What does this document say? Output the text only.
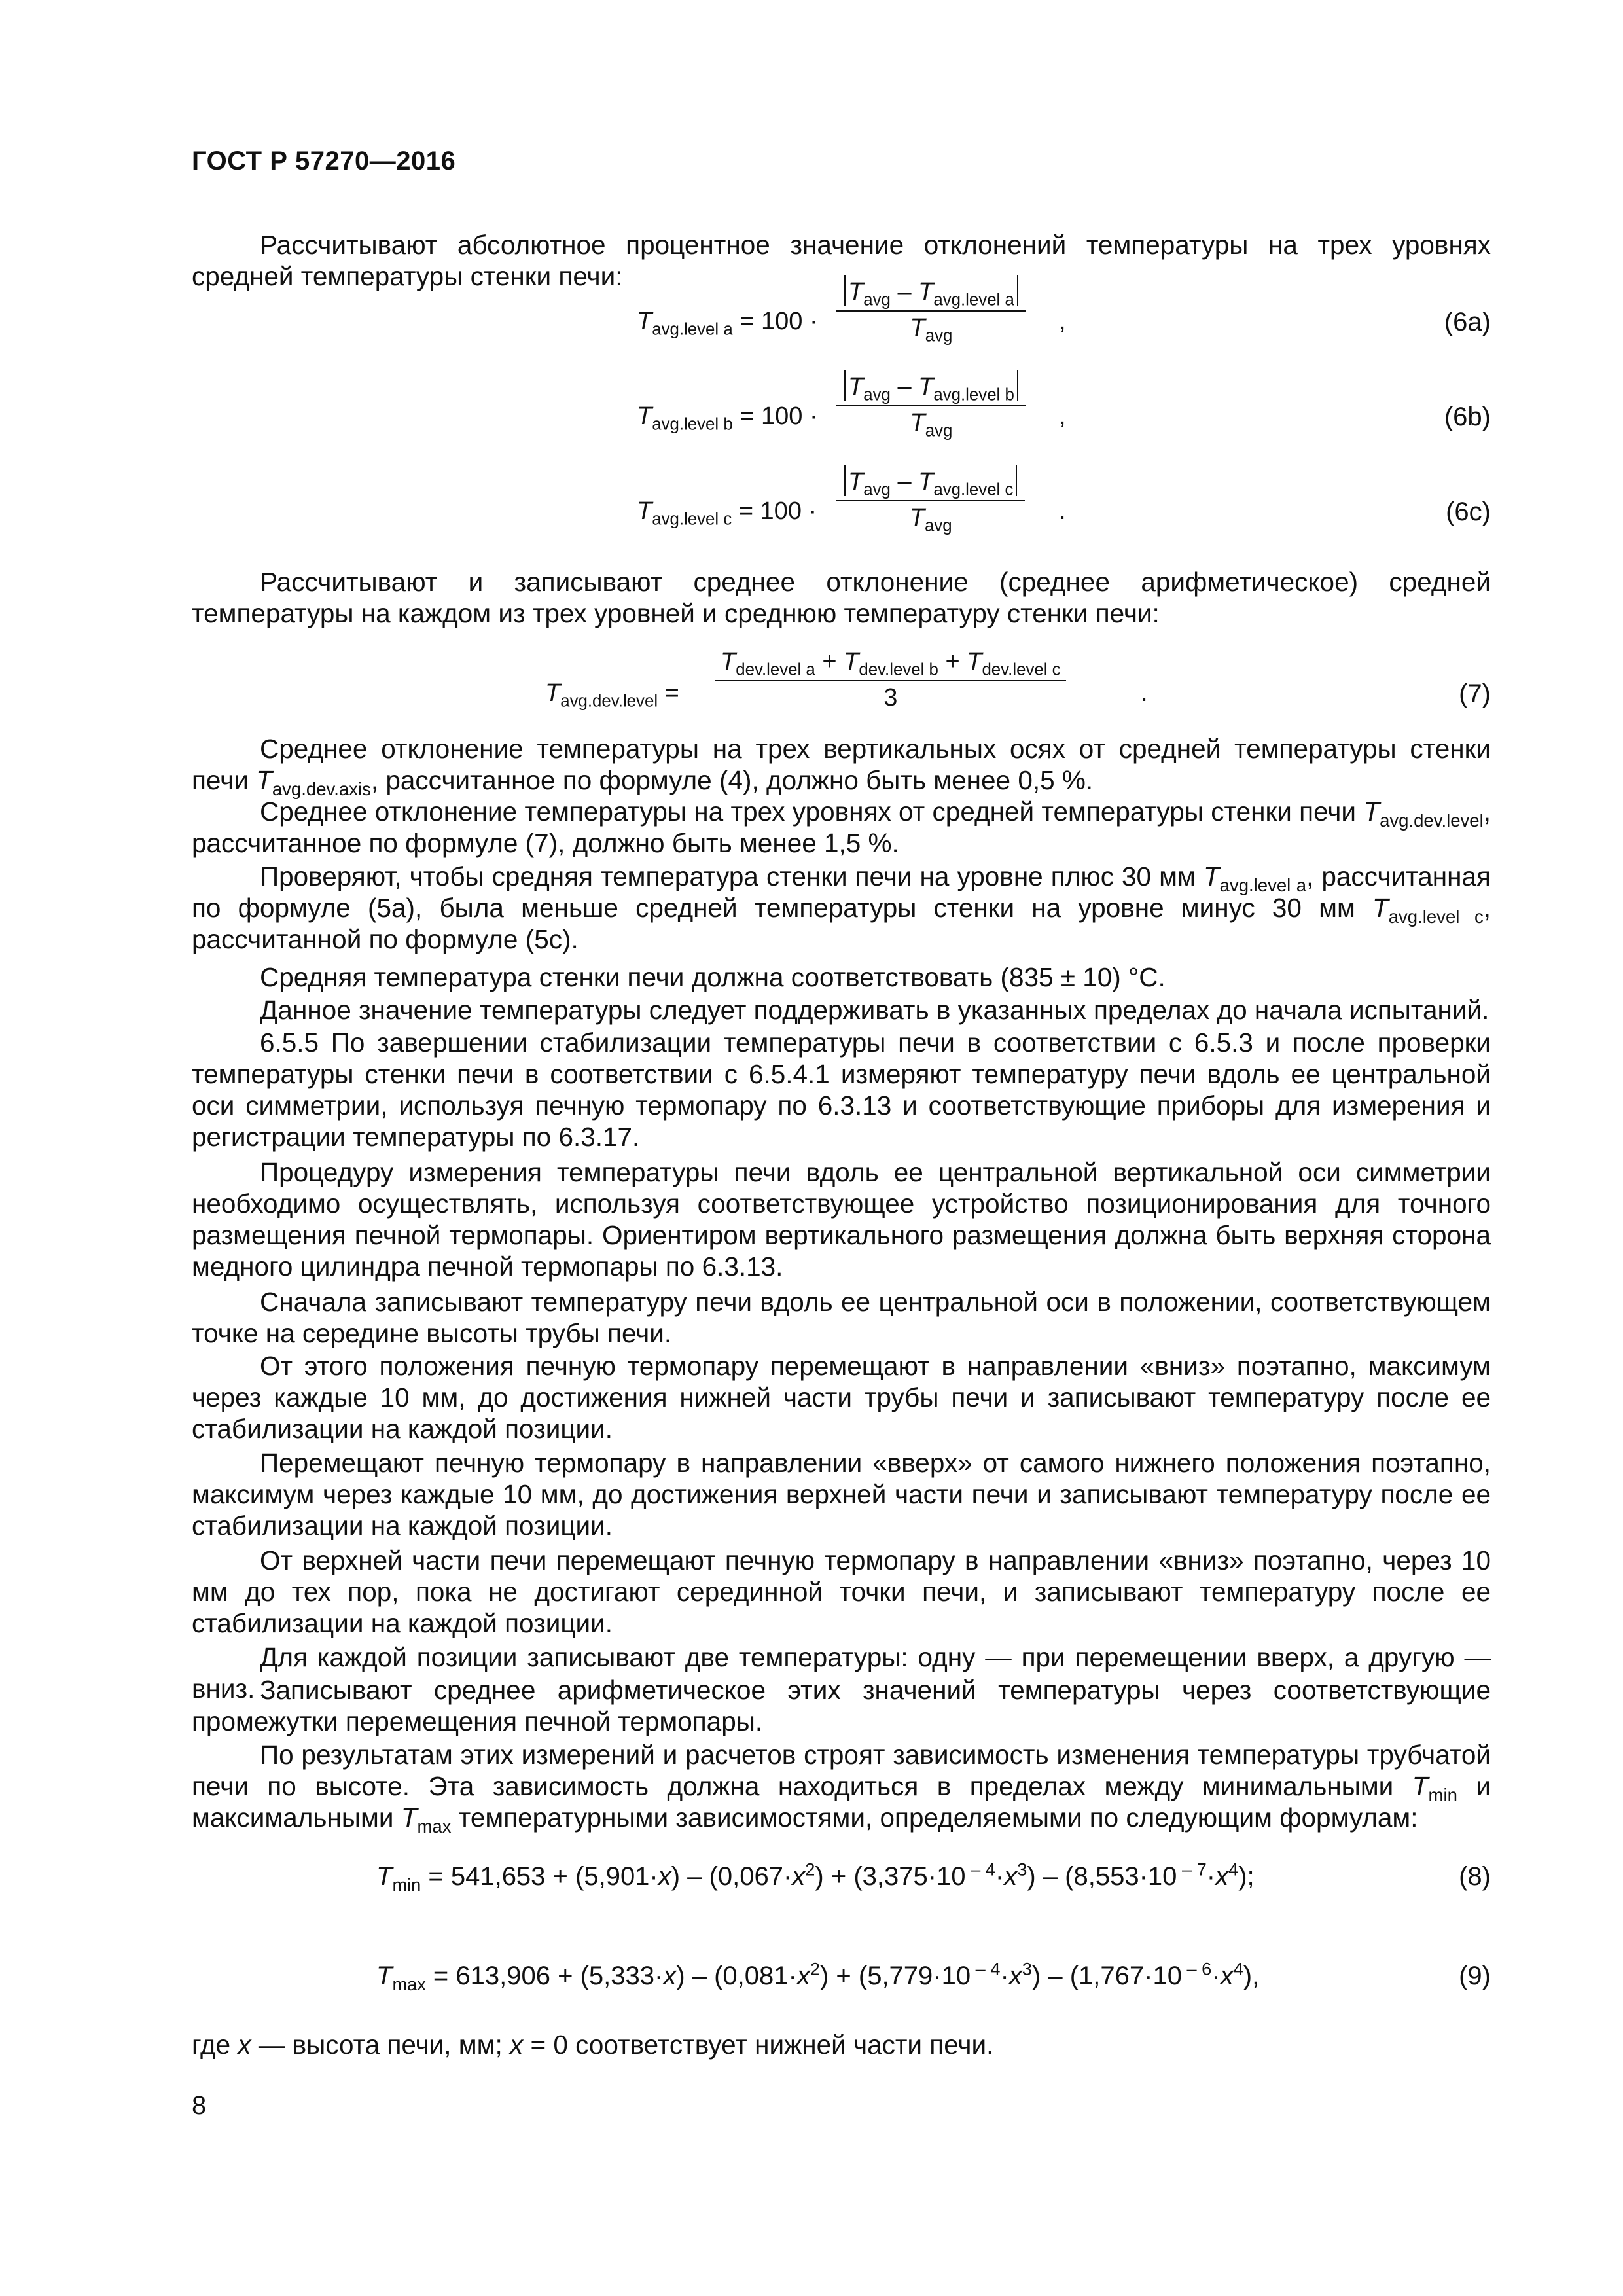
ГОСТ Р 57270—2016

Рассчитывают абсолютное процентное значение отклонений температуры на трех уровнях средней температуры стенки печи:

$T_{avg.level a} = 100$ ·
$T_{avg} - T_{avg.level a}$
$T_{avg}$
,	(6a)
$T_{avg.level b} = 100$ ·
$T_{avg} - T_{avg.level b}$
$T_{avg}$
,	(6b)
$T_{avg.level c} = 100$ ·
$T_{avg} - T_{avg.level c}$
$T_{avg}$
.	(6c)

Рассчитывают и записывают среднее отклонение (среднее арифметическое) средней температуры на каждом из трех уровней и среднюю температуру стенки печи:

$T_{avg.dev.level}$ =
$T_{dev.level a} + T_{dev.level b} + T_{dev.level c}$
3	.	(7)

Среднее отклонение температуры на трех вертикальных осях от средней температуры стенки печи $T_{avg.dev.axis}$, рассчитанное по формуле (4), должно быть менее 0,5 %.

Среднее отклонение температуры на трех уровнях от средней температуры стенки печи $T_{avg.dev.level}$, рассчитанное по формуле (7), должно быть менее 1,5 %.

Проверяют, чтобы средняя температура стенки печи на уровне плюс 30 мм $T_{avg.level a}$, рассчитанная по формуле (5а), была меньше средней температуры стенки на уровне минус 30 мм $T_{avg.level c}$, рассчитанной по формуле (5с).

Средняя температура стенки печи должна соответствовать (835 ± 10) °С.

Данное значение температуры следует поддерживать в указанных пределах до начала испытаний.

6.5.5 По завершении стабилизации температуры печи в соответствии с 6.5.3 и после проверки температуры стенки печи в соответствии с 6.5.4.1 измеряют температуру печи вдоль ее центральной оси симметрии, используя печную термопару по 6.3.13 и соответствующие приборы для измерения и регистрации температуры по 6.3.17.

Процедуру измерения температуры печи вдоль ее центральной вертикальной оси симметрии необходимо осуществлять, используя соответствующее устройство позиционирования для точного размещения печной термопары. Ориентиром вертикального размещения должна быть верхняя сторона медного цилиндра печной термопары по 6.3.13.

Сначала записывают температуру печи вдоль ее центральной оси в положении, соответствующем точке на середине высоты трубы печи.

От этого положения печную термопару перемещают в направлении «вниз» поэтапно, максимум через каждые 10 мм, до достижения нижней части трубы печи и записывают температуру после ее стабилизации на каждой позиции.

Перемещают печную термопару в направлении «вверх» от самого нижнего положения поэтапно, максимум через каждые 10 мм, до достижения верхней части печи и записывают температуру после ее стабилизации на каждой позиции.

От верхней части печи перемещают печную термопару в направлении «вниз» поэтапно, через 10 мм до тех пор, пока не достигают серединной точки печи, и записывают температуру после ее стабилизации на каждой позиции.

Для каждой позиции записывают две температуры: одну — при перемещении вверх, а другую — вниз. Записывают среднее арифметическое этих значений температуры через соответствующие промежутки перемещения печной термопары.

По результатам этих измерений и расчетов строят зависимость изменения температуры трубчатой печи по высоте. Эта зависимость должна находиться в пределах между минимальными $T_{min}$ и максимальными $T_{max}$ температурными зависимостями, определяемыми по следующим формулам:

$T_{min} = 541,653 + (5,901\cdot x) - (0,067\cdot x^2) + (3,375\cdot 10$ $^{- 4}\cdot x^3) - (8,553\cdot 10$ $^{- 7}\cdot x^4$);	(8)
$T_{max} = 613,906 + (5,333\cdot x) - (0,081\cdot x^2) + (5,779\cdot 10$ $^{- 4}\cdot x^3) - (1,767\cdot 10$ $^{- 6}\cdot x^4$),	(9)

где x — высота печи, мм; x = 0 соответствует нижней части печи.

8
